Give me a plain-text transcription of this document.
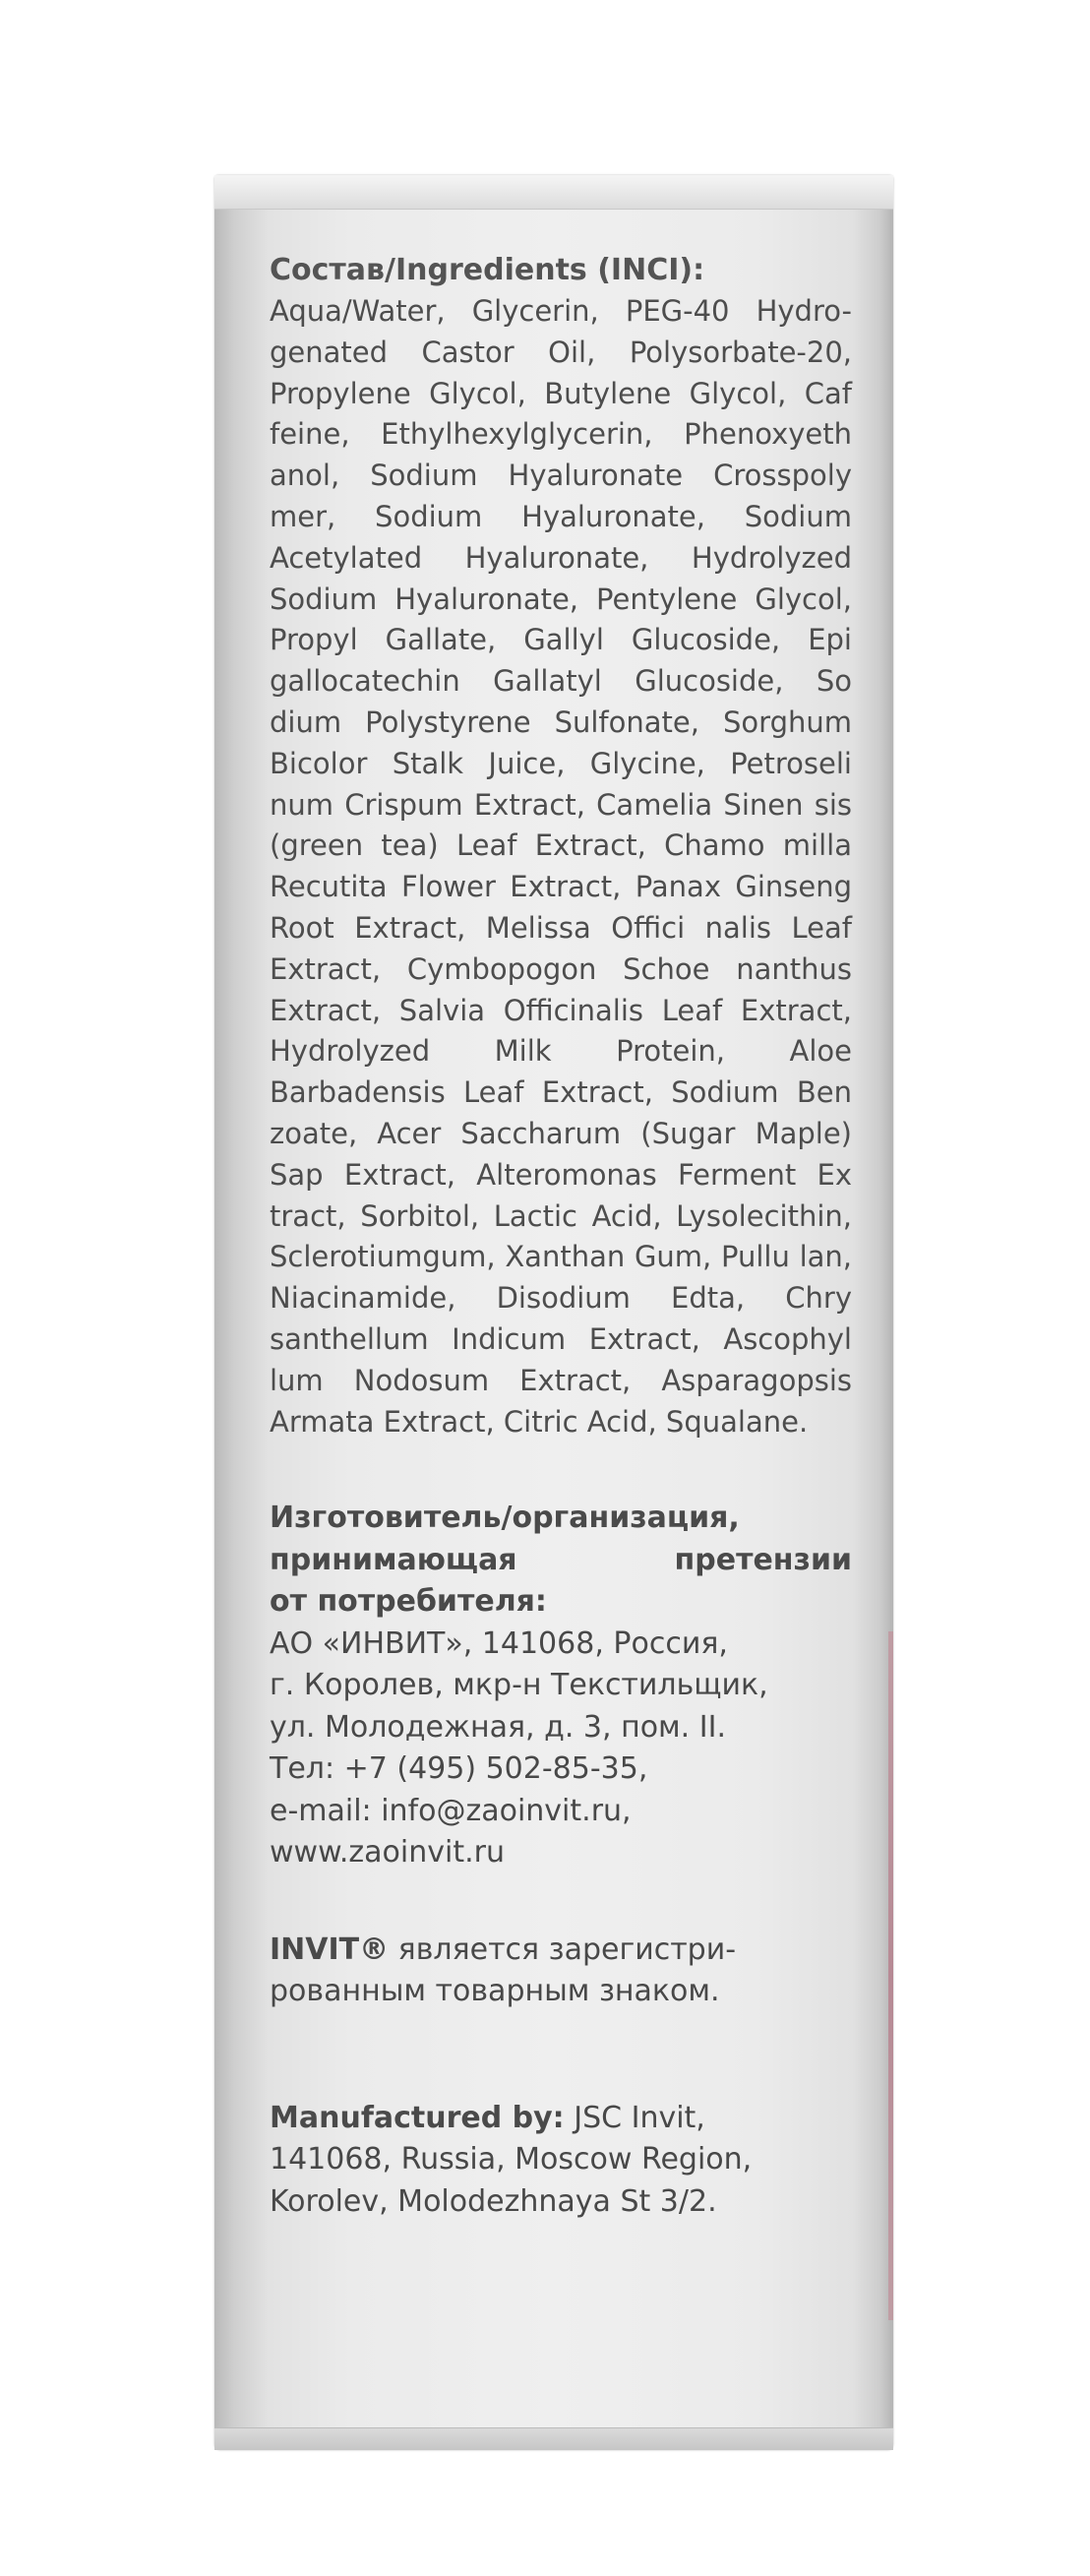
Состав/Ingredients (INCI):

Aqua/Water, Glycerin, PEG-40 Hydro-genated Castor Oil, Polysorbate-20, Propylene Glycol, Butylene Glycol, Caf feine, Ethylhexylglycerin, Phenoxyeth anol, Sodium Hyaluronate Crosspoly mer, Sodium Hyaluronate, Sodium Acetylated Hyaluronate, Hydrolyzed Sodium Hyaluronate, Pentylene Glycol, Propyl Gallate, Gallyl Glucoside, Epi gallocatechin Gallatyl Glucoside, So dium Polystyrene Sulfonate, Sorghum Bicolor Stalk Juice, Glycine, Petroseli num Crispum Extract, Camelia Sinen sis (green tea) Leaf Extract, Chamo milla Recutita Flower Extract, Panax Ginseng Root Extract, Melissa Offici nalis Leaf Extract, Cymbopogon Schoe nanthus Extract, Salvia Officinalis Leaf Extract, Hydrolyzed Milk Protein, Aloe Barbadensis Leaf Extract, Sodium Ben zoate, Acer Saccharum (Sugar Maple) Sap Extract, Alteromonas Ferment Ex tract, Sorbitol, Lactic Acid, Lysolecithin, Sclerotiumgum, Xanthan Gum, Pullu lan, Niacinamide, Disodium Edta, Chry santhellum Indicum Extract, Ascophyl lum Nodosum Extract, Asparagopsis Armata Extract, Citric Acid, Squalane.

Изготовитель/организация,
принимающая претензии
от потребителя:
АО «ИНВИТ», 141068, Россия,
г. Королев, мкр-н Текстильщик,
ул. Молодежная, д. 3, пом. II.
Тел: +7 (495) 502-85-35,
e-mail: info@zaoinvit.ru,
www.zaoinvit.ru
INVIT® является зарегистри-
рованным товарным знаком.
Manufactured by: JSC Invit,
141068, Russia, Moscow Region,
Korolev, Molodezhnaya St 3/2.
